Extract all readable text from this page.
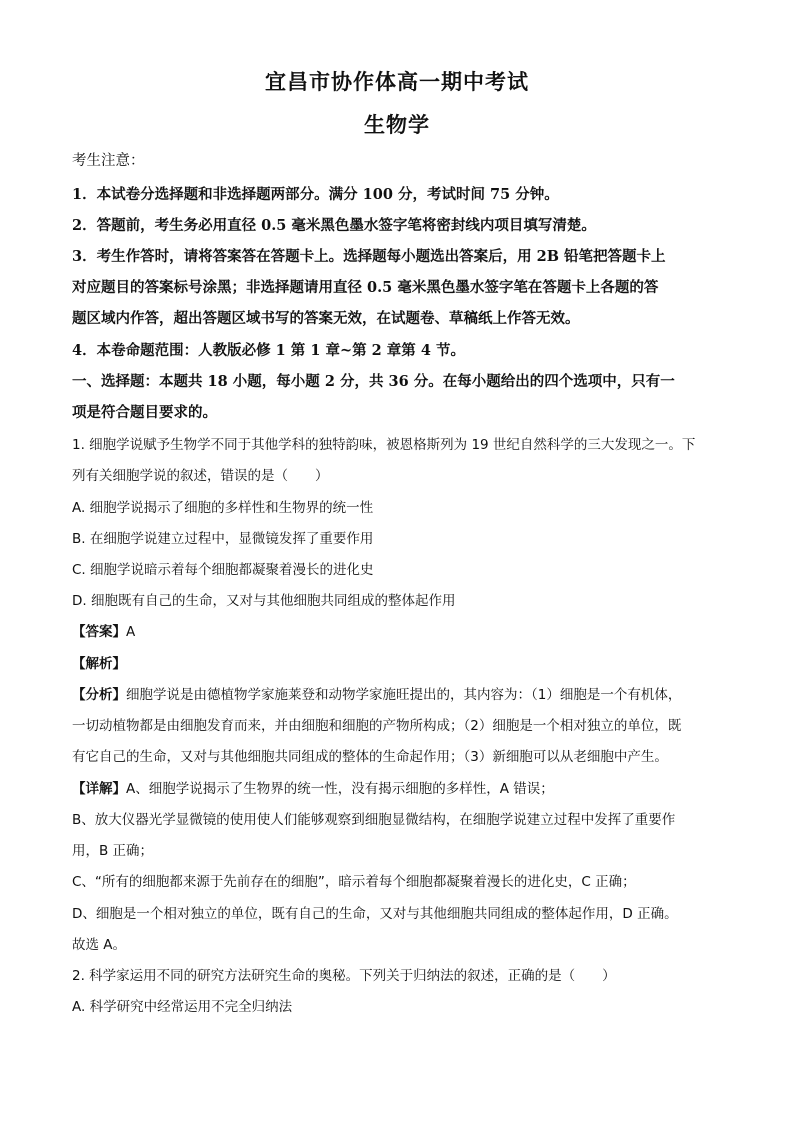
宜昌市协作体高一期中考试
生物学
考生注意：
1．本试卷分选择题和非选择题两部分。满分 100 分，考试时间 75 分钟。
2．答题前，考生务必用直径 0.5 毫米黑色墨水签字笔将密封线内项目填写清楚。
3．考生作答时，请将答案答在答题卡上。选择题每小题选出答案后，用 2B 铅笔把答题卡上
对应题目的答案标号涂黑；非选择题请用直径 0.5 毫米黑色墨水签字笔在答题卡上各题的答
题区域内作答，超出答题区域书写的答案无效，在试题卷、草稿纸上作答无效。
4．本卷命题范围：人教版必修 1 第 1 章~第 2 章第 4 节。
一、选择题：本题共 18 小题，每小题 2 分，共 36 分。在每小题给出的四个选项中，只有一
项是符合题目要求的。
1. 细胞学说赋予生物学不同于其他学科的独特韵味，被恩格斯列为 19 世纪自然科学的三大发现之一。下
列有关细胞学说的叙述，错误的是（　　）
A. 细胞学说揭示了细胞的多样性和生物界的统一性
B. 在细胞学说建立过程中，显微镜发挥了重要作用
C. 细胞学说暗示着每个细胞都凝聚着漫长的进化史
D. 细胞既有自己的生命，又对与其他细胞共同组成的整体起作用
【答案】A
【解析】
【分析】细胞学说是由德植物学家施莱登和动物学家施旺提出的，其内容为：（1）细胞是一个有机体，
一切动植物都是由细胞发育而来，并由细胞和细胞的产物所构成；（2）细胞是一个相对独立的单位，既
有它自己的生命，又对与其他细胞共同组成的整体的生命起作用；（3）新细胞可以从老细胞中产生。
【详解】A、细胞学说揭示了生物界的统一性，没有揭示细胞的多样性，A 错误；
B、放大仪器光学显微镜的使用使人们能够观察到细胞显微结构，在细胞学说建立过程中发挥了重要作
用，B 正确；
C、“所有的细胞都来源于先前存在的细胞”，暗示着每个细胞都凝聚着漫长的进化史，C 正确；
D、细胞是一个相对独立的单位，既有自己的生命，又对与其他细胞共同组成的整体起作用，D 正确。
故选 A。
2. 科学家运用不同的研究方法研究生命的奥秘。下列关于归纳法的叙述，正确的是（　　）
A. 科学研究中经常运用不完全归纳法
